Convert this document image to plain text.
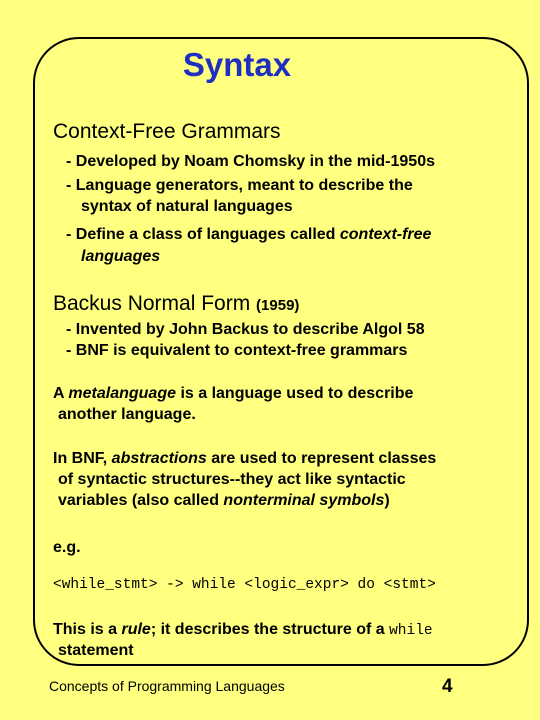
Syntax
Context-Free Grammars
- Developed by Noam Chomsky in the mid-1950s
- Language generators, meant to describe the
syntax of natural languages
- Define a class of languages called context-free
languages
Backus Normal Form (1959)
- Invented by John Backus to describe Algol 58
- BNF is equivalent to context-free grammars
A metalanguage is a language used to describe
another language.
In BNF, abstractions are used to represent classes
of syntactic structures--they act like syntactic
variables (also called nonterminal symbols)
e.g.
<while_stmt> -> while <logic_expr> do <stmt>
This is a rule; it describes the structure of a while
statement
Concepts of Programming Languages	4
